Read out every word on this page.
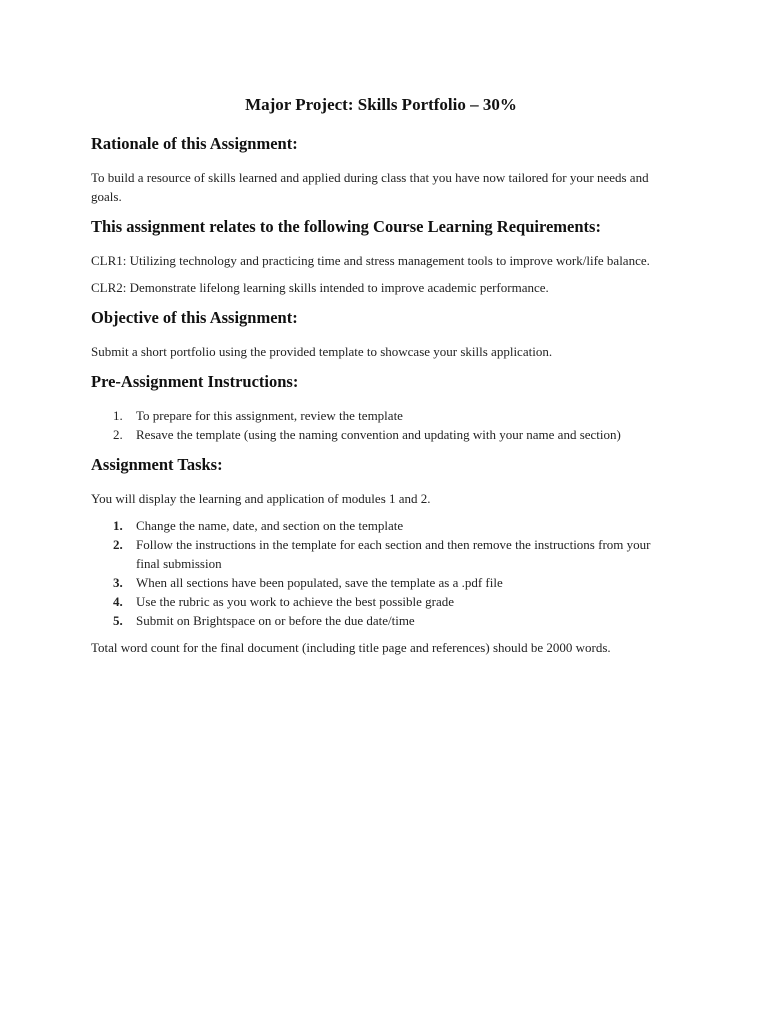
Major Project: Skills Portfolio – 30%
Rationale of this Assignment:

To build a resource of skills learned and applied during class that you have now tailored for your needs and goals.

This assignment relates to the following Course Learning Requirements:

CLR1: Utilizing technology and practicing time and stress management tools to improve work/life balance.

CLR2: Demonstrate lifelong learning skills intended to improve academic performance.

Objective of this Assignment:

Submit a short portfolio using the provided template to showcase your skills application.

Pre-Assignment Instructions:
1. To prepare for this assignment, review the template
2. Resave the template (using the naming convention and updating with your name and section)
Assignment Tasks:

You will display the learning and application of modules 1 and 2.

1. Change the name, date, and section on the template
2. Follow the instructions in the template for each section and then remove the instructions from your final submission
3. When all sections have been populated, save the template as a .pdf file
4. Use the rubric as you work to achieve the best possible grade
5. Submit on Brightspace on or before the due date/time

Total word count for the final document (including title page and references) should be 2000 words.
